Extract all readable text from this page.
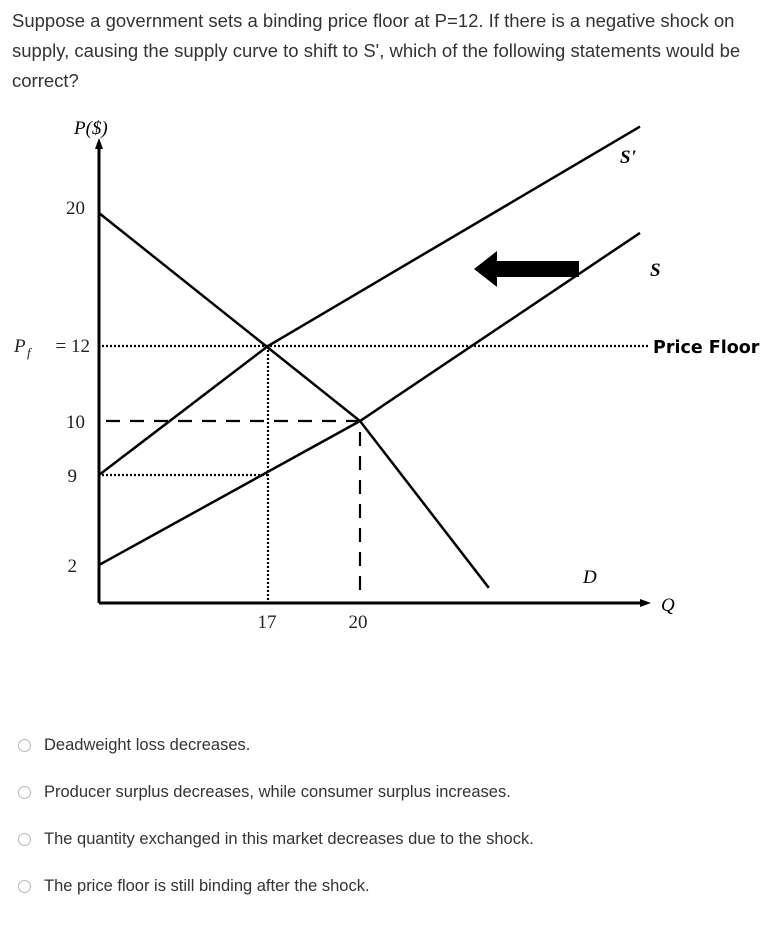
Suppose a government sets a binding price floor at P=12. If there is a negative shock on supply, causing the supply curve to shift to S', which of the following statements would be correct?

P($)
Q
20
P f = 12
10
9
2
17	20
D
S
S'
Price Floor
Deadweight loss decreases.
Producer surplus decreases, while consumer surplus increases.
The quantity exchanged in this market decreases due to the shock.
The price floor is still binding after the shock.
